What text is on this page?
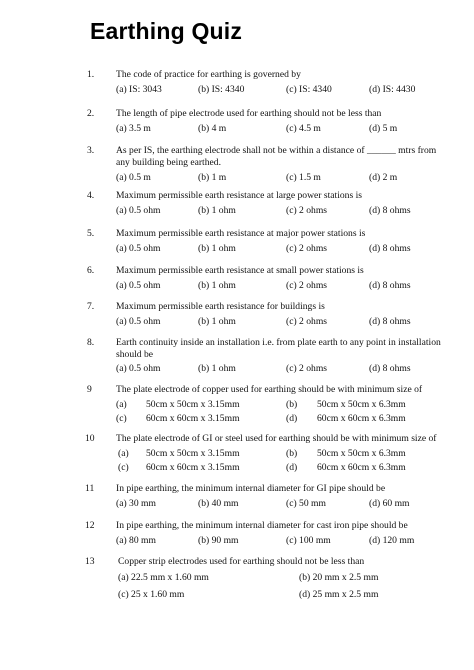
Earthing Quiz
1. The code of practice for earthing is governed by
(a) IS: 3043	(b) IS: 4340	(c) IS: 4340	(d) IS: 4430
2. The length of pipe electrode used for earthing should not be less than
(a) 3.5 m	(b) 4 m	(c) 4.5 m	(d) 5 m
3. As per IS, the earthing electrode shall not be within a distance of ______ mtrs from any building being earthed.
(a) 0.5 m	(b) 1 m	(c) 1.5 m	(d) 2 m
4. Maximum permissible earth resistance at large power stations is
(a) 0.5 ohm	(b) 1 ohm	(c) 2 ohms	(d) 8 ohms
5. Maximum permissible earth resistance at major power stations is
(a) 0.5 ohm	(b) 1 ohm	(c) 2 ohms	(d) 8 ohms
6. Maximum permissible earth resistance at small power stations is
(a) 0.5 ohm	(b) 1 ohm	(c) 2 ohms	(d) 8 ohms
7. Maximum permissible earth resistance for buildings is
(a) 0.5 ohm	(b) 1 ohm	(c) 2 ohms	(d) 8 ohms
8. Earth continuity inside an installation i.e. from plate earth to any point in installation should be
(a) 0.5 ohm	(b) 1 ohm	(c) 2 ohms	(d) 8 ohms
9	The plate electrode of copper used for earthing should be with minimum size of
(a) 50cm x 50cm x 3.15mm	(b) 50cm x 50cm x 6.3mm
(c) 60cm x 60cm x 3.15mm	(d) 60cm x 60cm x 6.3mm
10 The plate electrode of GI or steel used for earthing should be with minimum size of
(a) 50cm x 50cm x 3.15mm	(b) 50cm x 50cm x 6.3mm
(c) 60cm x 60cm x 3.15mm	(d) 60cm x 60cm x 6.3mm
11 In pipe earthing, the minimum internal diameter for GI pipe should be
(a) 30 mm	(b) 40 mm	(c) 50 mm	(d) 60 mm
12 In pipe earthing, the minimum internal diameter for cast iron pipe should be
(a) 80 mm	(b) 90 mm	(c) 100 mm	(d) 120 mm
13 Copper strip electrodes used for earthing should not be less than
(a) 22.5 mm x 1.60 mm	(b) 20 mm x 2.5 mm
(c) 25 x 1.60 mm	(d) 25 mm x 2.5 mm
